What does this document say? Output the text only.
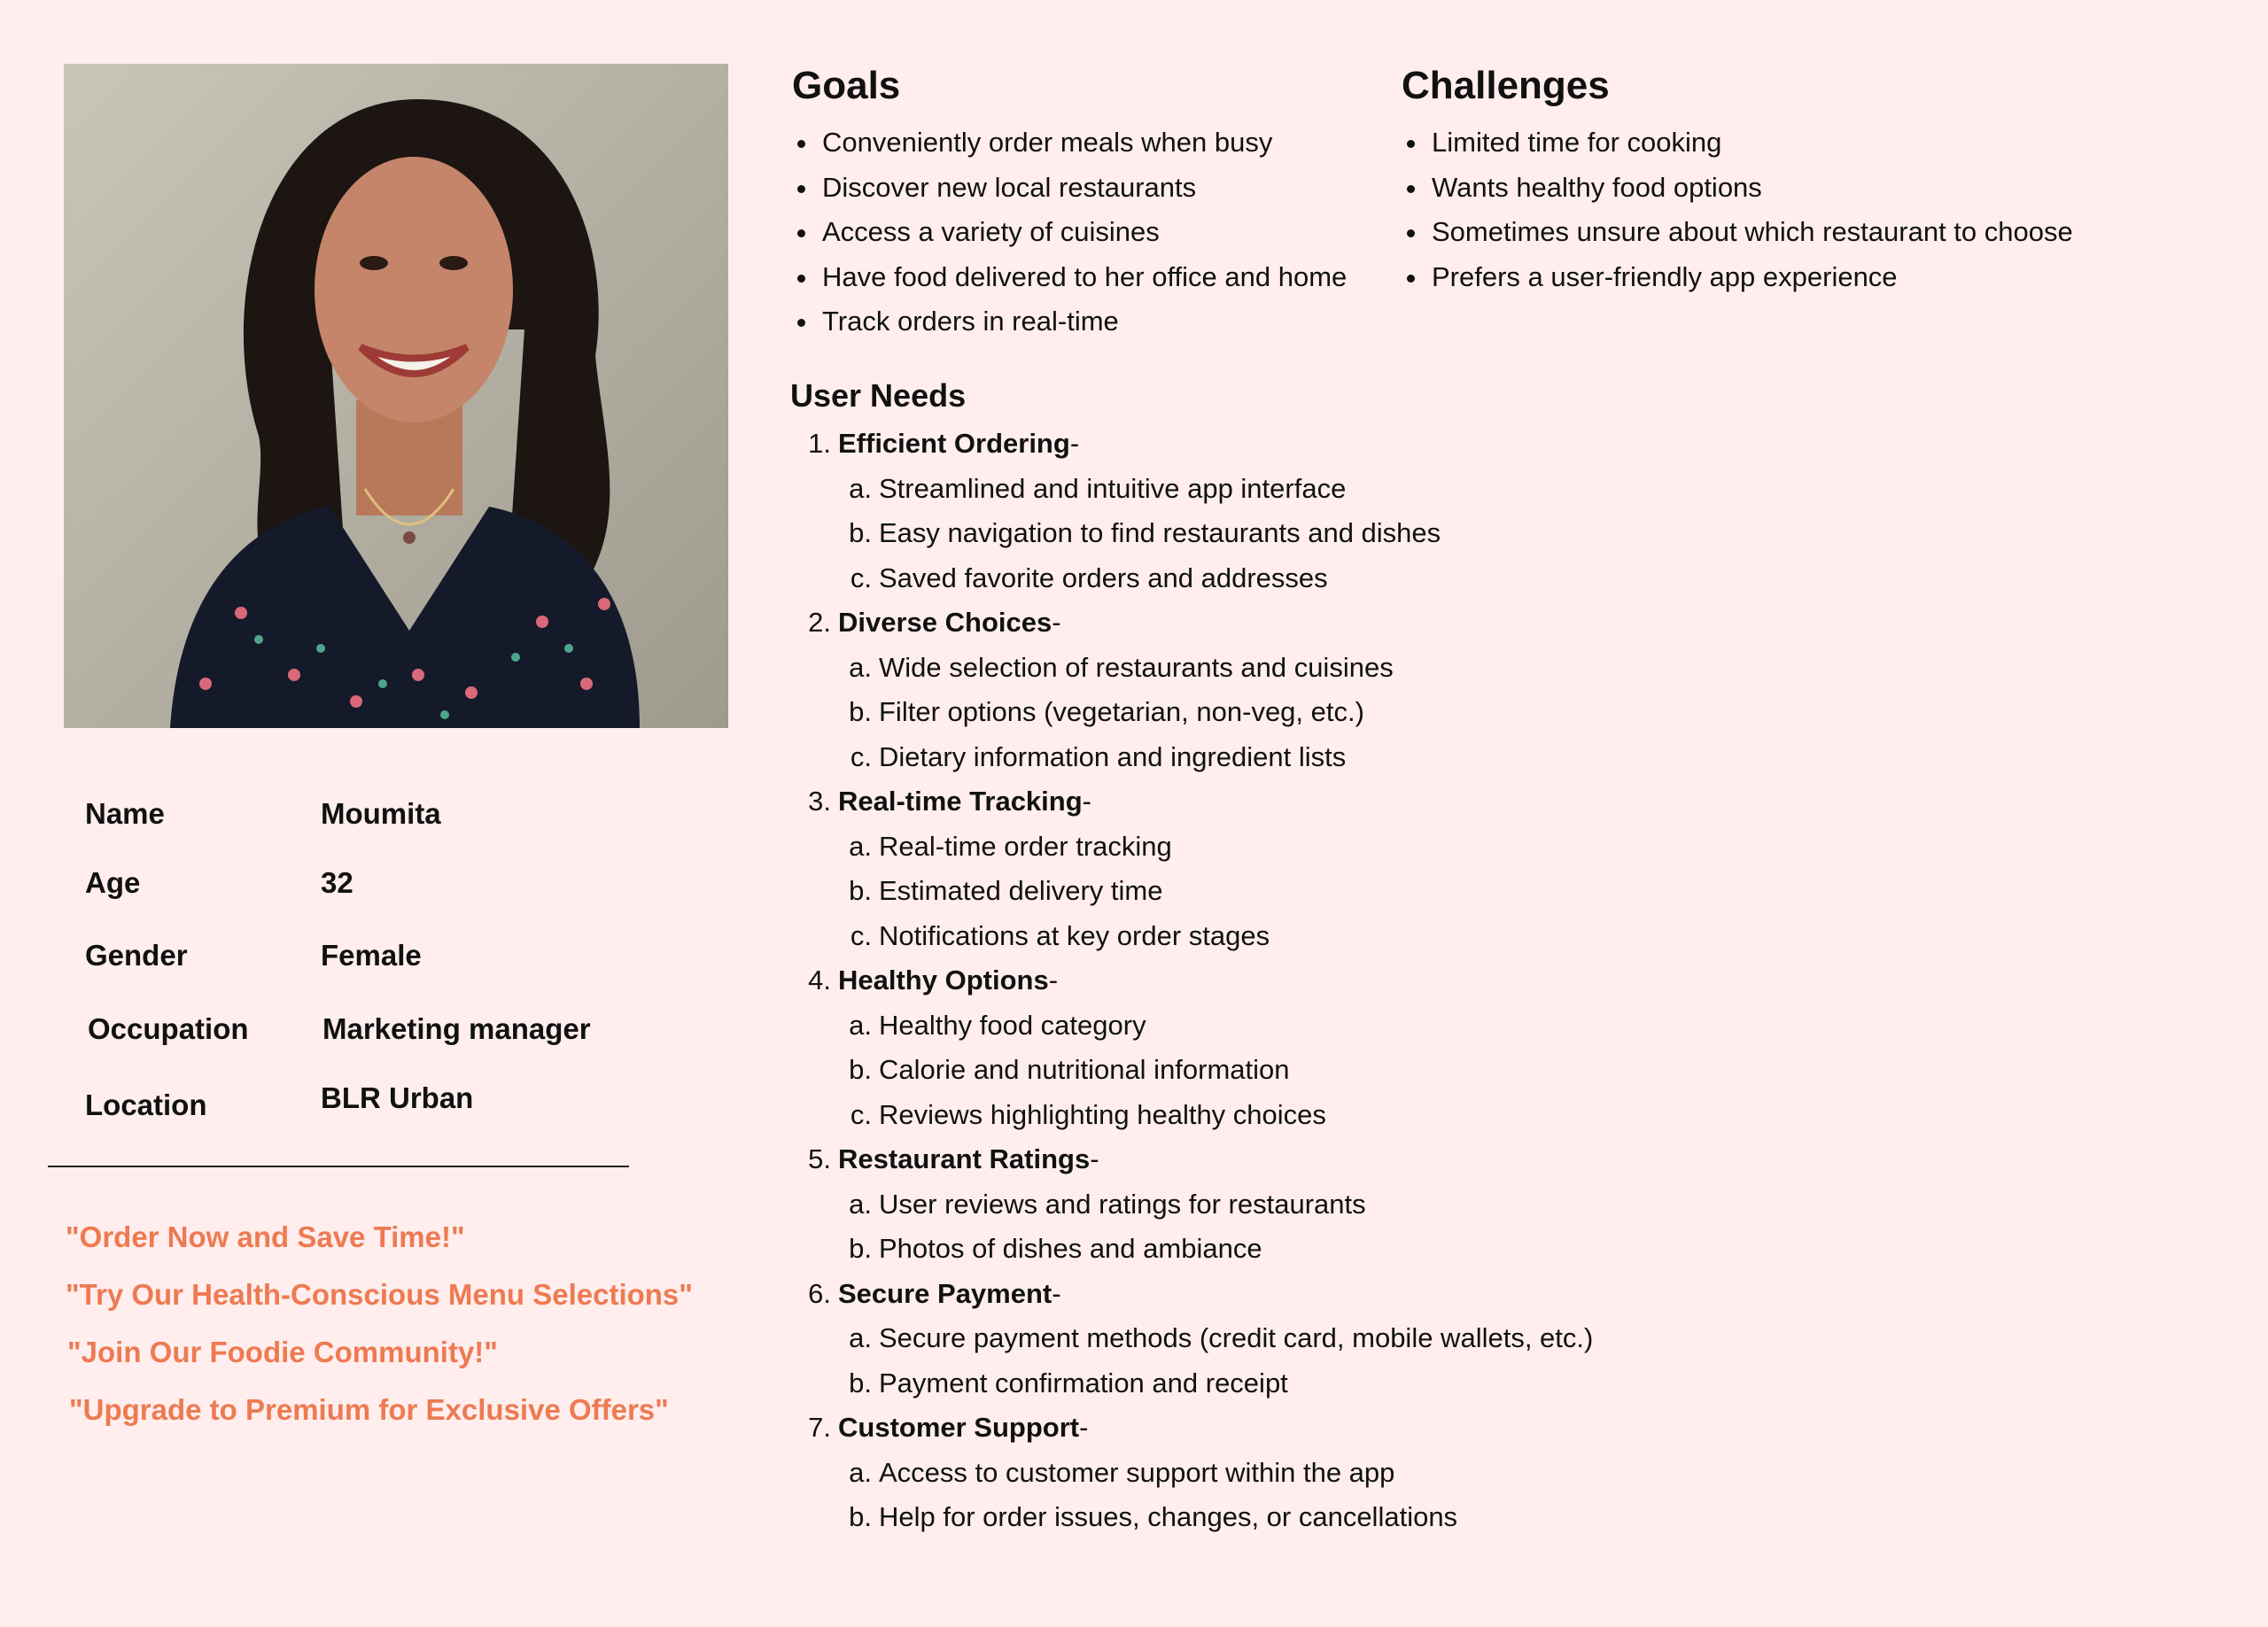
Name	Moumita
Age	32
Gender	Female
Occupation	Marketing manager
Location	BLR Urban
"Order Now and Save Time!"
"Try Our Health-Conscious Menu Selections"
"Join Our Foodie Community!"
"Upgrade to Premium for Exclusive Offers"
Goals
Conveniently order meals when busy
Discover new local restaurants
Access a variety of cuisines
Have food delivered to her office and home
Track orders in real-time
Challenges
Limited time for cooking
Wants healthy food options
Sometimes unsure about which restaurant to choose
Prefers a user-friendly app experience
User Needs
1. Efficient Ordering-
a. Streamlined and intuitive app interface
b. Easy navigation to find restaurants and dishes
c. Saved favorite orders and addresses
2. Diverse Choices-
a. Wide selection of restaurants and cuisines
b. Filter options (vegetarian, non-veg, etc.)
c. Dietary information and ingredient lists
3. Real-time Tracking-
a. Real-time order tracking
b. Estimated delivery time
c. Notifications at key order stages
4. Healthy Options-
a. Healthy food category
b. Calorie and nutritional information
c. Reviews highlighting healthy choices
5. Restaurant Ratings-
a. User reviews and ratings for restaurants
b. Photos of dishes and ambiance
6. Secure Payment-
a. Secure payment methods (credit card, mobile wallets, etc.)
b. Payment confirmation and receipt
7. Customer Support-
a. Access to customer support within the app
b. Help for order issues, changes, or cancellations
